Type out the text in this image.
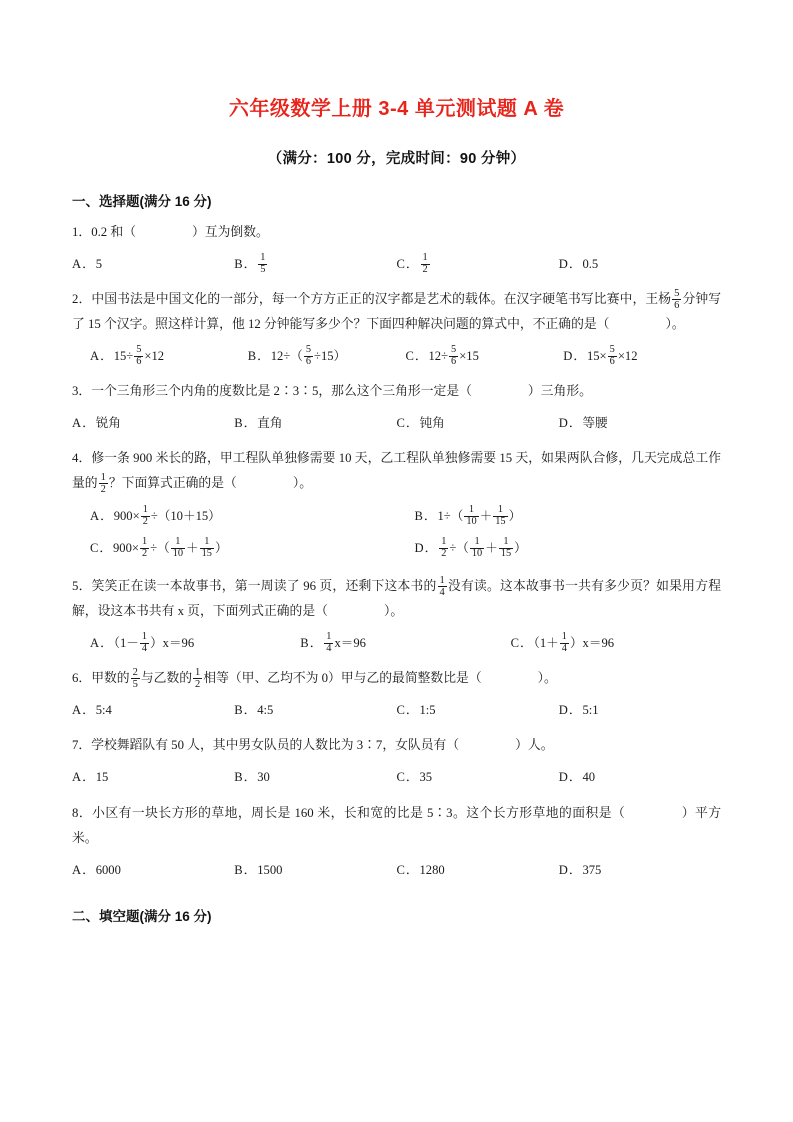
六年级数学上册 3-4 单元测试题 A 卷
（满分：100 分，完成时间：90 分钟）
一、选择题(满分 16 分)
1．0.2 和（	）互为倒数。
A．5	B． $\frac{1}{5}$	C． $\frac{1}{2}$	D．0.5
2．中国书法是中国文化的一部分，每一个方方正正的汉字都是艺术的载体。在汉字硬笔书写比赛中，王杨 $\frac{5}{6}$ 分钟写了 15 个汉字。照这样计算，他 12 分钟能写多少个？下面四种解决问题的算式中，不正确的是（	）。
A．$15\div \frac{5}{6} \times 12$	B．$12\div( \frac{5}{6} \div 15)$	C．$12\div \frac{5}{6} \times 15$	D．$15\times \frac{5}{6} \times 12$
3．一个三角形三个内角的度数比是 2∶3∶5，那么这个三角形一定是（	）三角形。
A．锐角	B．直角	C．钝角	D．等腰
4．修一条 900 米长的路，甲工程队单独修需要 10 天，乙工程队单独修需要 15 天，如果两队合修，几天完成总工作量的 $\frac{1}{2}$ ？下面算式正确的是（	）。
A．$900\times \frac{1}{2} \div(10+15)$	B．$1\div( \frac{1}{10} + \frac{1}{15}$ ）
C．$900\times \frac{1}{2}$ ÷（ $\frac{1}{10} + \frac{1}{15}$ ）	D． $\frac{1}{2}$ ÷（ $\frac{1}{10} + \frac{1}{15}$ ）
5．笑笑正在读一本故事书，第一周读了 96 页，还剩下这本书的 $\frac{1}{4}$ 没有读。这本故事书一共有多少页？如果用方程解，设这本书共有 x 页，下面列式正确的是（	）。
A．$(1- \frac{1}{4} )x=96$	B． $\frac{1}{4} x=96$	C．$(1+ \frac{1}{4} )x=96$
6．甲数的 $\frac{2}{5}$ 与乙数的 $\frac{1}{2}$ 相等（甲、乙均不为 0）甲与乙的最简整数比是（	）。
A．5:4	B．4:5	C．1:5	D．5:1
7．学校舞蹈队有 50 人，其中男女队员的人数比为 3∶7，女队员有（	）人。
A．15	B．30	C．35	D．40
8．小区有一块长方形的草地，周长是 160 米，长和宽的比是 5∶3。这个长方形草地的面积是（	）平方米。
A．6000	B．1500	C．1280	D．375
二、填空题(满分 16 分)
